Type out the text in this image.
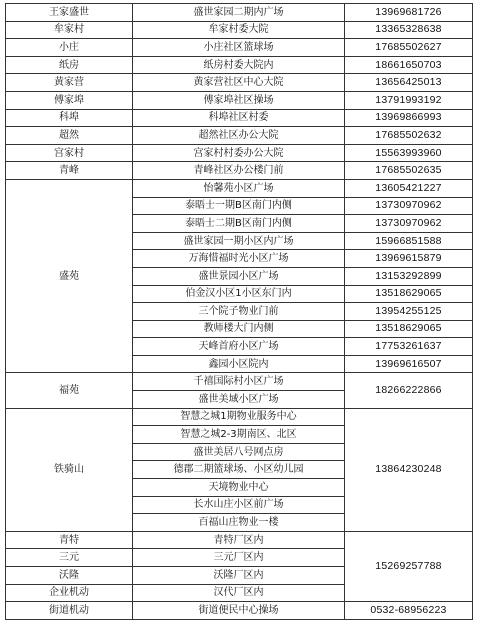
王家盛世	盛世家园二期内广场	13969681726
牟家村	牟家村委大院	13365328638
小庄	小庄社区篮球场	17685502627
纸房	纸房村委大院内	18661650703
黄家营	黄家营社区中心大院	13656425013
傅家埠	傅家埠社区操场	13791993192
科埠	科埠社区村委	13969866993
超然	超然社区办公大院	17685502632
宫家村	宫家村村委办公大院	15563993960
青峰	青峰社区办公楼门前	17685502635
盛苑	怡馨苑小区广场	13605421227
	泰晤士一期B区南门内侧	13730970962
	泰晤士二期B区南门内侧	13730970962
	盛世家园一期小区内广场	15966851588
	万海惜福时光小区广场	13969615879
	盛世景园小区广场	13153292899
	伯金汉小区1小区东门内	13518629065
	三个院子物业门前	13954255125
	教师楼大门内侧	13518629065
	天峰首府小区广场	17753261637
	鑫园小区院内	13969616507
福苑	千禧国际村小区广场	18266222866
	盛世美域小区广场	
铁骑山	智慧之城1期物业服务中心	13864230248
	智慧之城2-3期南区、北区	
	盛世美居八号网点房	
	德郡二期篮球场、小区幼儿园	
	天境物业中心	
	长水山庄小区前广场	
	百福山庄物业一楼	
青特	青特厂区内	15269257788
三元	三元厂区内	
沃隆	沃隆厂区内	
企业机动	汉代厂区内	
街道机动	街道便民中心操场	0532-68956223
